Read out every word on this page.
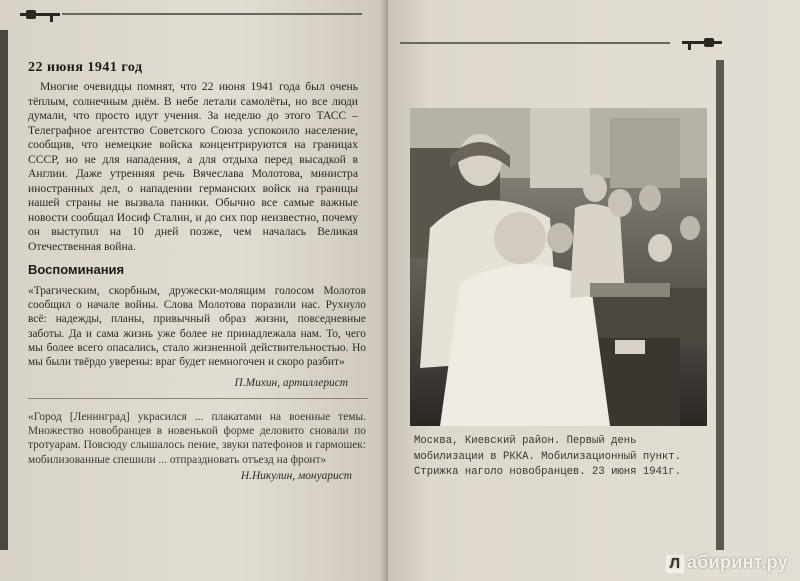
22 июня 1941 год

Многие очевидцы помнят, что 22 июня 1941 года был очень тёплым, солнечным днём. В небе летали самолёты, но все люди думали, что просто идут учения. За неделю до этого ТАСС – Телеграфное агентство Советского Союза успокоило население, сообщив, что немецкие войска концентрируются на границах СССР, но не для нападения, а для отдыха перед высадкой в Англии. Даже утренняя речь Вячеслава Молотова, министра иностранных дел, о нападении германских войск на границы нашей страны не вызвала паники. Обычно все самые важные новости сообщал Иосиф Сталин, и до сих пор неизвестно, почему он выступил на 10 дней позже, чем началась Великая Отечественная война.

Воспоминания

«Трагическим, скорбным, дружески-молящим голосом Молотов сообщил о начале войны. Слова Молотова поразили нас. Рухнуло всё: надежды, планы, привычный образ жизни, повседневные заботы. Да и сама жизнь уже более не принадлежала нам. То, чего мы более всего опасались, стало жизненной действительностью. Но мы были твёрдо уверены: враг будет немногочен и скоро разбит»

П.Михин, артиллерист

«Город [Ленинград] украсился ... плакатами на военные темы. Множество новобранцев в новенькой форме деловито сновали по тротуарам. Повсюду слышалось пение, звуки патефонов и гармошек: мобилизованные спешили ... отпраздновать отъезд на фронт»

Н.Никулин, монуарист

Москва, Киевский район. Первый день мобилизации в РККА. Мобилизационный пункт. Стрижка наголо новобранцев. 23 июня 1941г.

Л абиринт.ру
